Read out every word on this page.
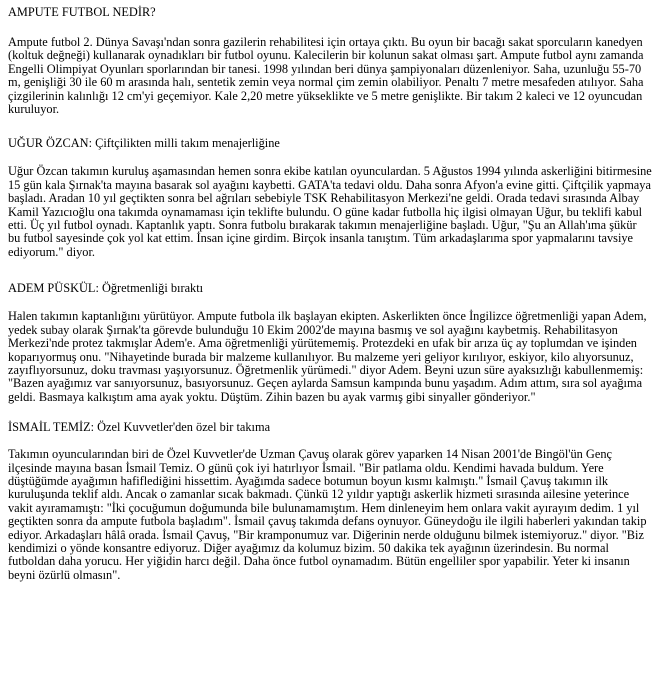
AMPUTE FUTBOL NEDİR?

Ampute futbol 2. Dünya Savaşı'ndan sonra gazilerin rehabilitesi için ortaya çıktı. Bu oyun bir bacağı sakat sporcuların kanedyen (koltuk değneği) kullanarak oynadıkları bir futbol oyunu. Kalecilerin bir kolunun sakat olması şart. Ampute futbol aynı zamanda Engelli Olimpiyat Oyunları sporlarından bir tanesi. 1998 yılından beri dünya şampiyonaları düzenleniyor. Saha, uzunluğu 55-70 m, genişliği 30 ile 60 m arasında halı, sentetik zemin veya normal çim zemin olabiliyor. Penaltı 7 metre mesafeden atılıyor. Saha çizgilerinin kalınlığı 12 cm'yi geçemiyor. Kale 2,20 metre yükseklikte ve 5 metre genişlikte. Bir takım 2 kaleci ve 12 oyuncudan kuruluyor.

UĞUR ÖZCAN: Çiftçilikten milli takım menajerliğine

Uğur Özcan takımın kuruluş aşamasından hemen sonra ekibe katılan oyunculardan. 5 Ağustos 1994 yılında askerliğini bitirmesine 15 gün kala Şırnak'ta mayına basarak sol ayağını kaybetti. GATA'ta tedavi oldu. Daha sonra Afyon'a evine gitti. Çiftçilik yapmaya başladı. Aradan 10 yıl geçtikten sonra bel ağrıları sebebiyle TSK Rehabilitasyon Merkezi'ne geldi. Orada tedavi sırasında Albay Kamil Yazıcıoğlu ona takımda oynamaması için teklifte bulundu. O güne kadar futbolla hiç ilgisi olmayan Uğur, bu teklifi kabul etti. Üç yıl futbol oynadı. Kaptanlık yaptı. Sonra futbolu bırakarak takımın menajerliğine başladı. Uğur, "Şu an Allah'ıma şükür bu futbol sayesinde çok yol kat ettim. İnsan içine girdim. Birçok insanla tanıştım. Tüm arkadaşlarıma spor yapmalarını tavsiye ediyorum." diyor.

ADEM PÜSKÜL: Öğretmenliği bıraktı

Halen takımın kaptanlığını yürütüyor. Ampute futbola ilk başlayan ekipten. Askerlikten önce İngilizce öğretmenliği yapan Adem, yedek subay olarak Şırnak'ta görevde bulunduğu 10 Ekim 2002'de mayına basmış ve sol ayağını kaybetmiş. Rehabilitasyon Merkezi'nde protez takmışlar Adem'e. Ama öğretmenliği yürütememiş. Protezdeki en ufak bir arıza üç ay toplumdan ve işinden koparıyormuş onu. "Nihayetinde burada bir malzeme kullanılıyor. Bu malzeme yeri geliyor kırılıyor, eskiyor, kilo alıyorsunuz, zayıflıyorsunuz, doku travması yaşıyorsunuz. Öğretmenlik yürümedi." diyor Adem. Beyni uzun süre ayaksızlığı kabullenmemiş: "Bazen ayağımız var sanıyorsunuz, basıyorsunuz. Geçen aylarda Samsun kampında bunu yaşadım. Adım attım, sıra sol ayağıma geldi. Basmaya kalkıştım ama ayak yoktu. Düştüm. Zihin bazen bu ayak varmış gibi sinyaller gönderiyor."

İSMAİL TEMİZ: Özel Kuvvetler'den özel bir takıma

Takımın oyuncularından biri de Özel Kuvvetler'de Uzman Çavuş olarak görev yaparken 14 Nisan 2001'de Bingöl'ün Genç ilçesinde mayına basan İsmail Temiz. O günü çok iyi hatırlıyor İsmail. "Bir patlama oldu. Kendimi havada buldum. Yere düştüğümde ayağımın hafiflediğini hissettim. Ayağımda sadece botumun boyun kısmı kalmıştı." İsmail Çavuş takımın ilk kuruluşunda teklif aldı. Ancak o zamanlar sıcak bakmadı. Çünkü 12 yıldır yaptığı askerlik hizmeti sırasında ailesine yeterince vakit ayıramamıştı: "İki çocuğumun doğumunda bile bulunamamıştım. Hem dinleneyim hem onlara vakit ayırayım dedim. 1 yıl geçtikten sonra da ampute futbola başladım". İsmail çavuş takımda defans oynuyor. Güneydoğu ile ilgili haberleri yakından takip ediyor. Arkadaşları hâlâ orada. İsmail Çavuş, "Bir kramponumuz var. Diğerinin nerde olduğunu bilmek istemiyoruz." diyor. "Biz kendimizi o yönde konsantre ediyoruz. Diğer ayağımız da kolumuz bizim. 50 dakika tek ayağının üzerindesin. Bu normal futboldan daha yorucu. Her yiğidin harcı değil. Daha önce futbol oynamadım. Bütün engelliler spor yapabilir. Yeter ki insanın beyni özürlü olmasın".
